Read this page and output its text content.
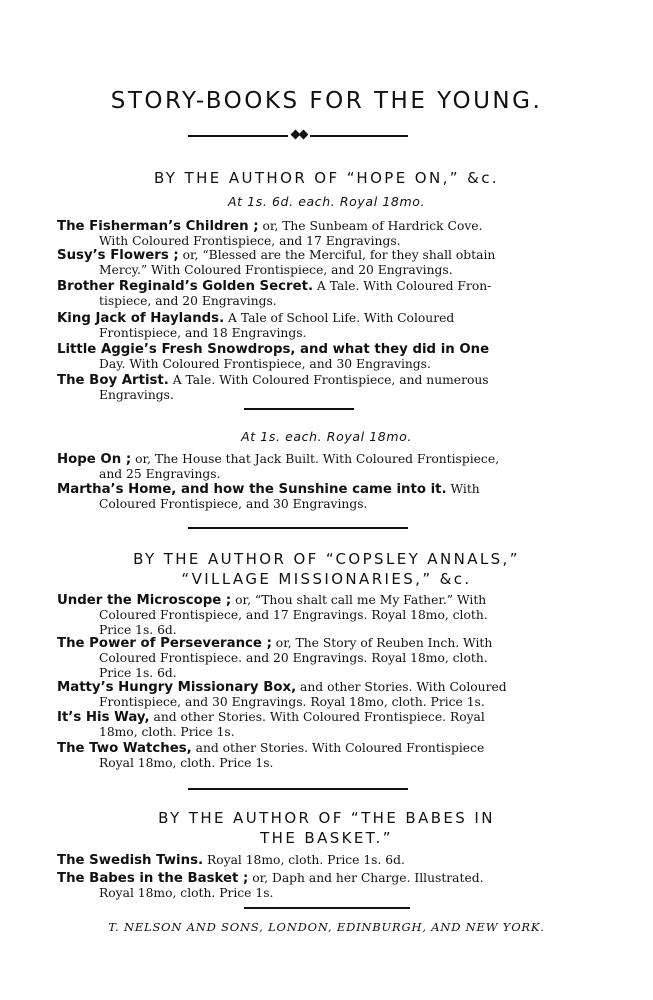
STORY-BOOKS FOR THE YOUNG.
BY THE AUTHOR OF “HOPE ON,” &c.
At 1s. 6d. each. Royal 18mo.
The Fisherman’s Children ; or, The Sunbeam of Hardrick Cove.
With Coloured Frontispiece, and 17 Engravings.
Susy’s Flowers ; or, “Blessed are the Merciful, for they shall obtain
Mercy.” With Coloured Frontispiece, and 20 Engravings.
Brother Reginald’s Golden Secret. A Tale. With Coloured Fron-
tispiece, and 20 Engravings.
King Jack of Haylands. A Tale of School Life. With Coloured
Frontispiece, and 18 Engravings.
Little Aggie’s Fresh Snowdrops, and what they did in One
Day. With Coloured Frontispiece, and 30 Engravings.
The Boy Artist. A Tale. With Coloured Frontispiece, and numerous
Engravings.
At 1s. each. Royal 18mo.
Hope On ; or, The House that Jack Built. With Coloured Frontispiece,
and 25 Engravings.
Martha’s Home, and how the Sunshine came into it. With
Coloured Frontispiece, and 30 Engravings.
BY THE AUTHOR OF “COPSLEY ANNALS,”
“VILLAGE MISSIONARIES,” &c.
Under the Microscope ; or, “Thou shalt call me My Father.” With
Coloured Frontispiece, and 17 Engravings. Royal 18mo, cloth.
Price 1s. 6d.
The Power of Perseverance ; or, The Story of Reuben Inch. With
Coloured Frontispiece. and 20 Engravings. Royal 18mo, cloth.
Price 1s. 6d.
Matty’s Hungry Missionary Box, and other Stories. With Coloured
Frontispiece, and 30 Engravings. Royal 18mo, cloth. Price 1s.
It’s His Way, and other Stories. With Coloured Frontispiece. Royal
18mo, cloth. Price 1s.
The Two Watches, and other Stories. With Coloured Frontispiece
Royal 18mo, cloth. Price 1s.
BY THE AUTHOR OF “THE BABES IN
THE BASKET.”
The Swedish Twins. Royal 18mo, cloth. Price 1s. 6d.
The Babes in the Basket ; or, Daph and her Charge. Illustrated.
Royal 18mo, cloth. Price 1s.
T. NELSON AND SONS, LONDON, EDINBURGH, AND NEW YORK.
